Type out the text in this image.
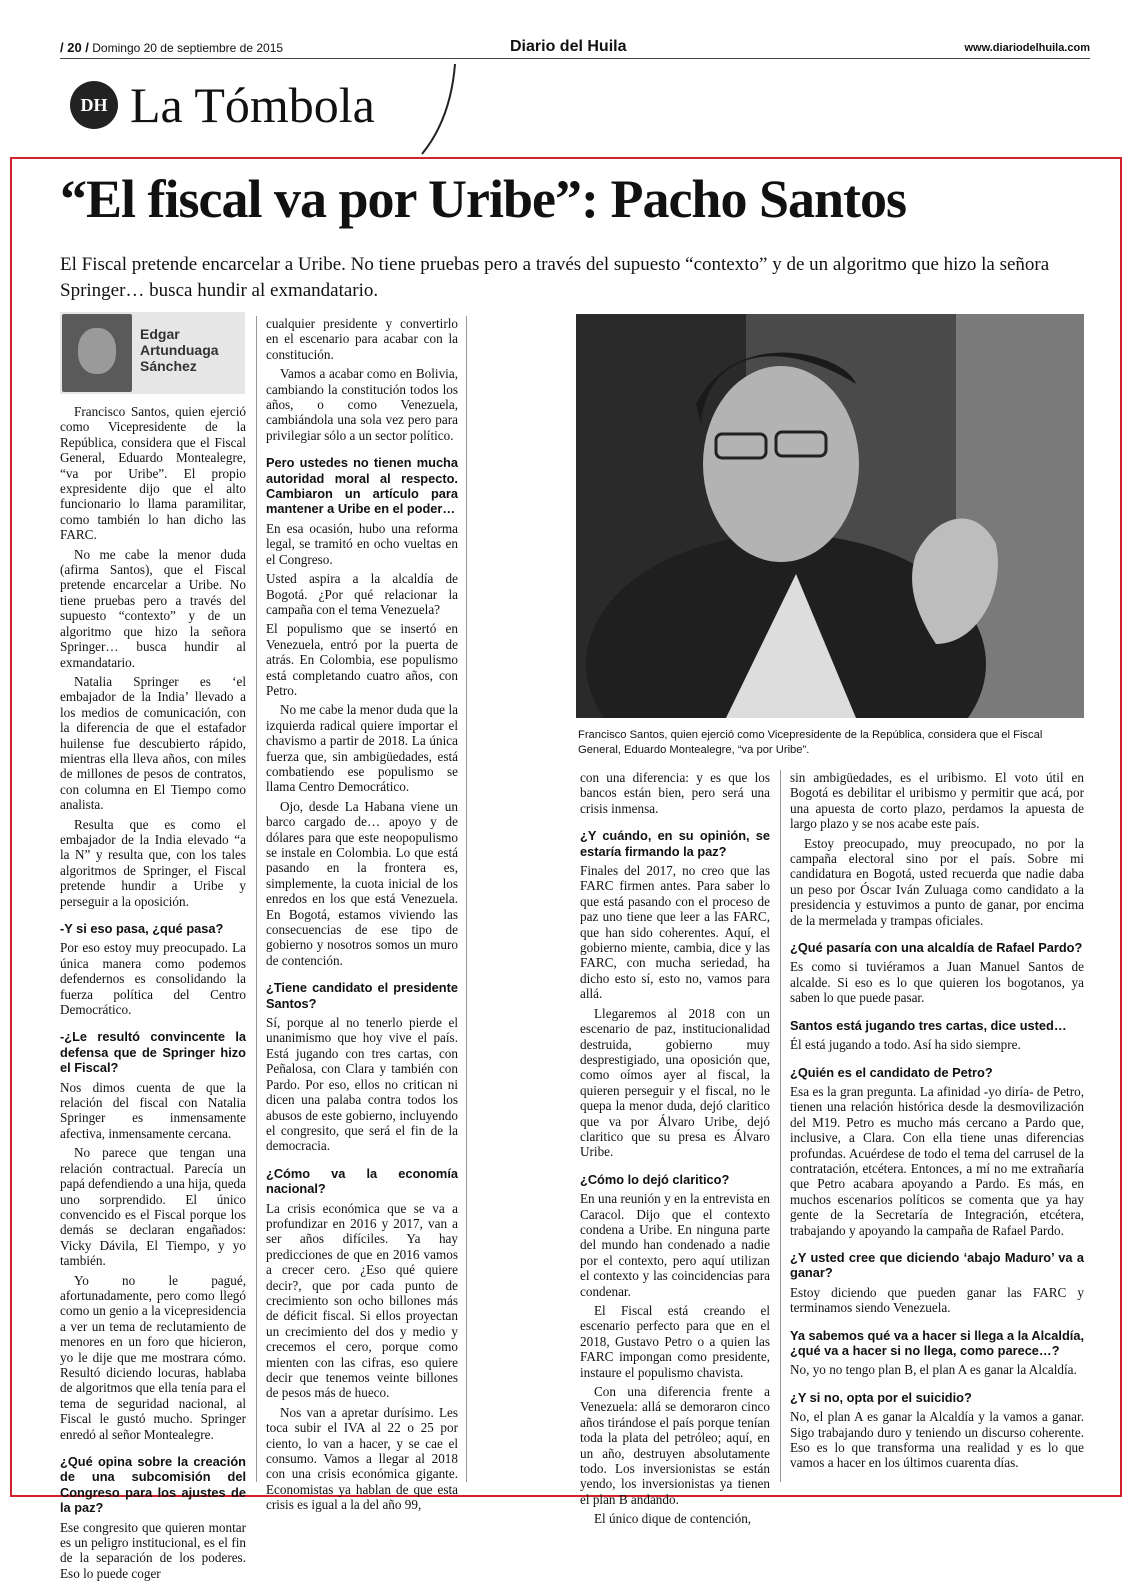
/ 20 / Domingo 20 de septiembre de 2015	Diario del Huila	www.diariodelhuila.com
DH La Tómbola
“El fiscal va por Uribe”: Pacho Santos
El Fiscal pretende encarcelar a Uribe. No tiene pruebas pero a través del supuesto “contexto” y de un algoritmo que hizo la señora Springer… busca hundir al exmandatario.
Edgar
Artunduaga
Sánchez

Francisco Santos, quien ejerció como Vicepresidente de la República, considera que el Fiscal General, Eduardo Montealegre, “va por Uribe”. El propio expresidente dijo que el alto funcionario lo llama paramilitar, como también lo han dicho las FARC.

No me cabe la menor duda (afirma Santos), que el Fiscal pretende encarcelar a Uribe. No tiene pruebas pero a través del supuesto “contexto” y de un algoritmo que hizo la señora Springer… busca hundir al exmandatario.

Natalia Springer es ‘el embajador de la India’ llevado a los medios de comunicación, con la diferencia de que el estafador huilense fue descubierto rápido, mientras ella lleva años, con miles de millones de pesos de contratos, con columna en El Tiempo como analista.

Resulta que es como el embajador de la India elevado “a la N” y resulta que, con los tales algoritmos de Springer, el Fiscal pretende hundir a Uribe y perseguir a la oposición.

-Y si eso pasa, ¿qué pasa?

Por eso estoy muy preocupado. La única manera como podemos defendernos es consolidando la fuerza política del Centro Democrático.

-¿Le resultó convincente la defensa que de Springer hizo el Fiscal?

Nos dimos cuenta de que la relación del fiscal con Natalia Springer es inmensamente afectiva, inmensamente cercana.

No parece que tengan una relación contractual. Parecía un papá defendiendo a una hija, queda uno sorprendido. El único convencido es el Fiscal porque los demás se declaran engañados: Vicky Dávila, El Tiempo, y yo también.

Yo no le pagué, afortunadamente, pero como llegó como un genio a la vicepresidencia a ver un tema de reclutamiento de menores en un foro que hicieron, yo le dije que me mostrara cómo. Resultó diciendo locuras, hablaba de algoritmos que ella tenía para el tema de seguridad nacional, al Fiscal le gustó mucho. Springer enredó al señor Montealegre.

¿Qué opina sobre la creación de una subcomisión del Congreso para los ajustes de la paz?

Ese congresito que quieren montar es un peligro institucional, es el fin de la separación de los poderes. Eso lo puede coger

cualquier presidente y convertirlo en el escenario para acabar con la constitución.

Vamos a acabar como en Bolivia, cambiando la constitución todos los años, o como Venezuela, cambiándola una sola vez pero para privilegiar sólo a un sector político.

Pero ustedes no tienen mucha autoridad moral al respecto. Cambiaron un artículo para mantener a Uribe en el poder…

En esa ocasión, hubo una reforma legal, se tramitó en ocho vueltas en el Congreso.

Usted aspira a la alcaldía de Bogotá. ¿Por qué relacionar la campaña con el tema Venezuela?

El populismo que se insertó en Venezuela, entró por la puerta de atrás. En Colombia, ese populismo está completando cuatro años, con Petro.

No me cabe la menor duda que la izquierda radical quiere importar el chavismo a partir de 2018. La única fuerza que, sin ambigüedades, está combatiendo ese populismo se llama Centro Democrático.

Ojo, desde La Habana viene un barco cargado de… apoyo y de dólares para que este neopopulismo se instale en Colombia. Lo que está pasando en la frontera es, simplemente, la cuota inicial de los enredos en los que está Venezuela. En Bogotá, estamos viviendo las consecuencias de ese tipo de gobierno y nosotros somos un muro de contención.

¿Tiene candidato el presidente Santos?

Sí, porque al no tenerlo pierde el unanimismo que hoy vive el país. Está jugando con tres cartas, con Peñalosa, con Clara y también con Pardo. Por eso, ellos no critican ni dicen una palaba contra todos los abusos de este gobierno, incluyendo el congresito, que será el fin de la democracia.

¿Cómo va la economía nacional?

La crisis económica que se va a profundizar en 2016 y 2017, van a ser años difíciles. Ya hay predicciones de que en 2016 vamos a crecer cero. ¿Eso qué quiere decir?, que por cada punto de crecimiento son ocho billones más de déficit fiscal. Si ellos proyectan un crecimiento del dos y medio y crecemos el cero, porque como mienten con las cifras, eso quiere decir que tenemos veinte billones de pesos más de hueco.

Nos van a apretar durísimo. Les toca subir el IVA al 22 o 25 por ciento, lo van a hacer, y se cae el consumo. Vamos a llegar al 2018 con una crisis económica gigante. Economistas ya hablan de que esta crisis es igual a la del año 99,

con una diferencia: y es que los bancos están bien, pero será una crisis inmensa.

¿Y cuándo, en su opinión, se estaría firmando la paz?

Finales del 2017, no creo que las FARC firmen antes. Para saber lo que está pasando con el proceso de paz uno tiene que leer a las FARC, que han sido coherentes. Aquí, el gobierno miente, cambia, dice y las FARC, con mucha seriedad, ha dicho esto sí, esto no, vamos para allá.

Llegaremos al 2018 con un escenario de paz, institucionalidad destruida, gobierno muy desprestigiado, una oposición que, como oímos ayer al fiscal, la quieren perseguir y el fiscal, no le quepa la menor duda, dejó claritico que va por Álvaro Uribe, dejó claritico que su presa es Álvaro Uribe.

¿Cómo lo dejó claritico?

En una reunión y en la entrevista en Caracol. Dijo que el contexto condena a Uribe. En ninguna parte del mundo han condenado a nadie por el contexto, pero aquí utilizan el contexto y las coincidencias para condenar.

El Fiscal está creando el escenario perfecto para que en el 2018, Gustavo Petro o a quien las FARC impongan como presidente, instaure el populismo chavista.

Con una diferencia frente a Venezuela: allá se demoraron cinco años tirándose el país porque tenían toda la plata del petróleo; aquí, en un año, destruyen absolutamente todo. Los inversionistas se están yendo, los inversionistas ya tienen el plan B andando.

El único dique de contención,

sin ambigüedades, es el uribismo. El voto útil en Bogotá es debilitar el uribismo y permitir que acá, por una apuesta de corto plazo, perdamos la apuesta de largo plazo y se nos acabe este país.

Estoy preocupado, muy preocupado, no por la campaña electoral sino por el país. Sobre mi candidatura en Bogotá, usted recuerda que nadie daba un peso por Óscar Iván Zuluaga como candidato a la presidencia y estuvimos a punto de ganar, por encima de la mermelada y trampas oficiales.

¿Qué pasaría con una alcaldía de Rafael Pardo?

Es como si tuviéramos a Juan Manuel Santos de alcalde. Si eso es lo que quieren los bogotanos, ya saben lo que puede pasar.

Santos está jugando tres cartas, dice usted…

Él está jugando a todo. Así ha sido siempre.

¿Quién es el candidato de Petro?

Esa es la gran pregunta. La afinidad -yo diría- de Petro, tienen una relación histórica desde la desmovilización del M19. Petro es mucho más cercano a Pardo que, inclusive, a Clara. Con ella tiene unas diferencias profundas. Acuérdese de todo el tema del carrusel de la contratación, etcétera. Entonces, a mí no me extrañaría que Petro acabara apoyando a Pardo. Es más, en muchos escenarios políticos se comenta que ya hay gente de la Secretaría de Integración, etcétera, trabajando y apoyando la campaña de Rafael Pardo.

¿Y usted cree que diciendo ‘abajo Maduro’ va a ganar?

Estoy diciendo que pueden ganar las FARC y terminamos siendo Venezuela.

Ya sabemos qué va a hacer si llega a la Alcaldía, ¿qué va a hacer si no llega, como parece…?

No, yo no tengo plan B, el plan A es ganar la Alcaldía.

¿Y si no, opta por el suicidio?

No, el plan A es ganar la Alcaldía y la vamos a ganar. Sigo trabajando duro y teniendo un discurso coherente. Eso es lo que transforma una realidad y es lo que vamos a hacer en los últimos cuarenta días.

Francisco Santos, quien ejerció como Vicepresidente de la República, considera que el Fiscal General, Eduardo Montealegre, “va por Uribe”.
